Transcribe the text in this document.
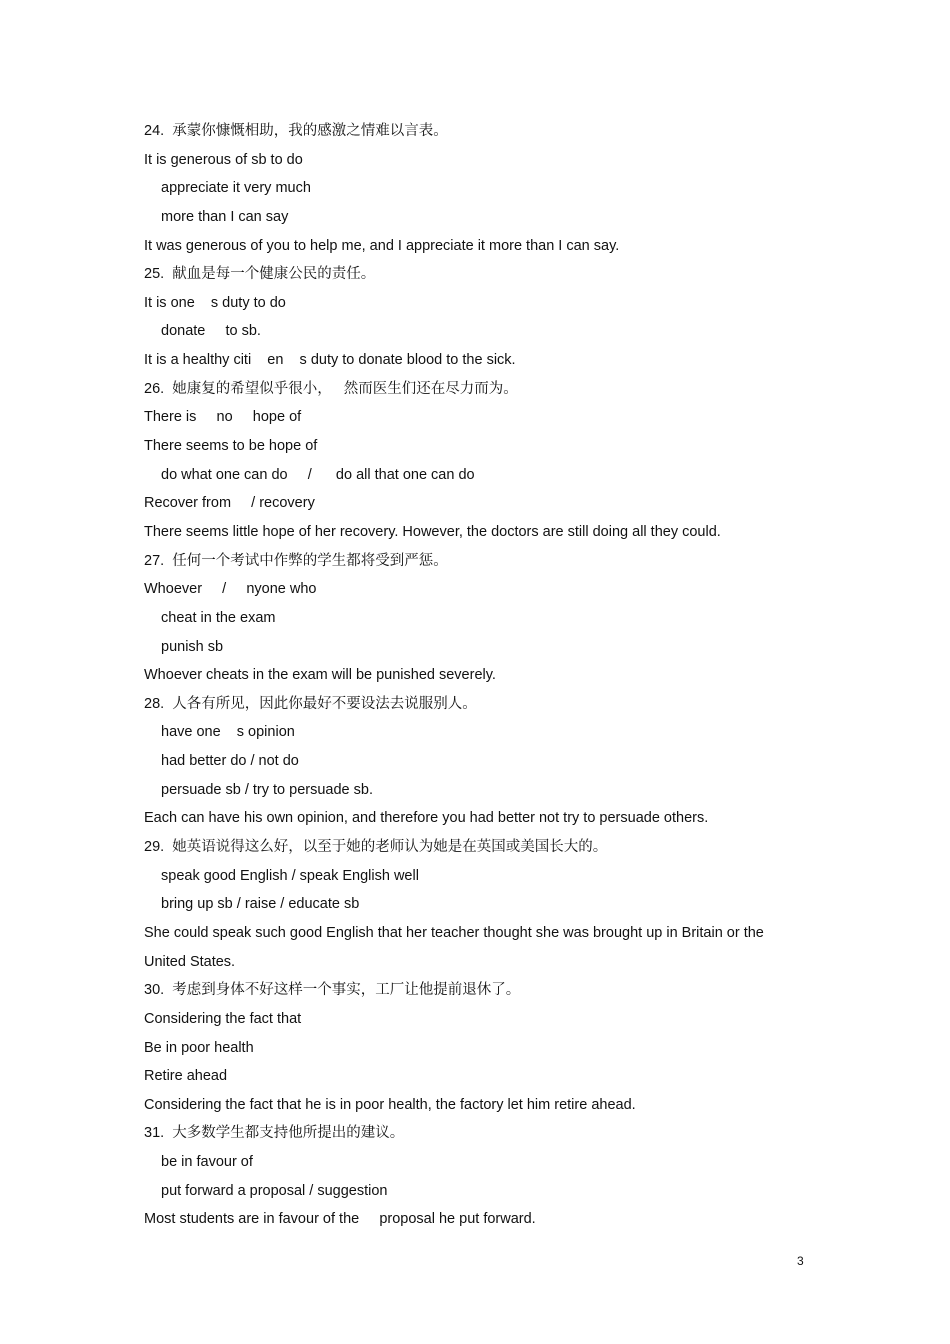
24.  承蒙你慷慨相助，我的感激之情难以言表。
It is generous of sb to do
appreciate it very much
more than I can say
It was generous of you to help me, and I appreciate it more than I can say.
25.  献血是每一个健康公民的责任。
It is one    s duty to do
donate     to sb.
It is a healthy citi    en    s duty to donate blood to the sick.
26.  她康复的希望似乎很小，   然而医生们还在尽力而为。
There is     no     hope of
There seems to be hope of
do what one can do     /      do all that one can do
Recover from     / recovery
There seems little hope of her recovery. However, the doctors are still doing all they could.
27.  任何一个考试中作弊的学生都将受到严惩。
Whoever     /     nyone who
cheat in the exam
punish sb
Whoever cheats in the exam will be punished severely.
28.  人各有所见，因此你最好不要设法去说服别人。
have one    s opinion
had better do / not do
persuade sb / try to persuade sb.
Each can have his own opinion, and therefore you had better not try to persuade others.
29.  她英语说得这么好，以至于她的老师认为她是在英国或美国长大的。
speak good English / speak English well
bring up sb / raise / educate sb
She could speak such good English that her teacher thought she was brought up in Britain or the
United States.
30.  考虑到身体不好这样一个事实，工厂让他提前退休了。
Considering the fact that
Be in poor health
Retire ahead
Considering the fact that he is in poor health, the factory let him retire ahead.
31.  大多数学生都支持他所提出的建议。
be in favour of
put forward a proposal / suggestion
Most students are in favour of the     proposal he put forward.
3
